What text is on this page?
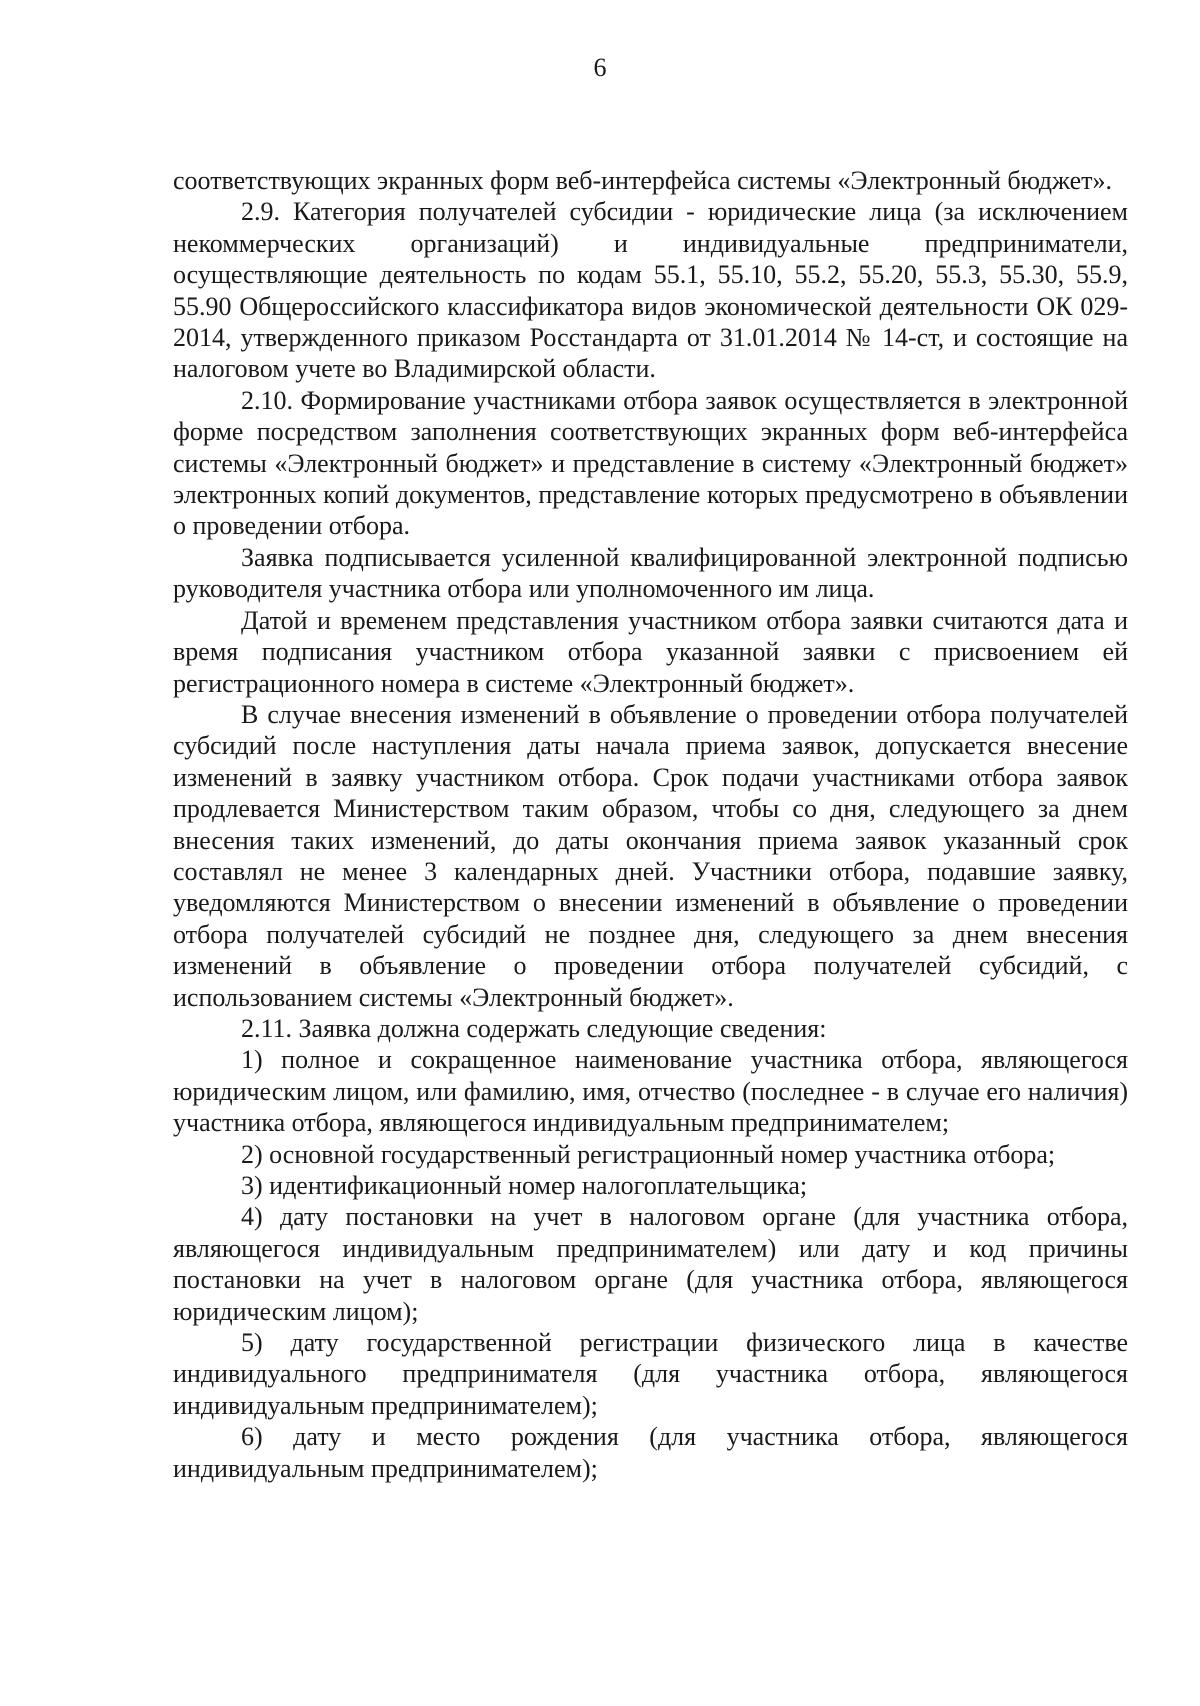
6

соответствующих экранных форм веб-интерфейса системы «Электронный бюджет».

2.9. Категория получателей субсидии - юридические лица (за исключением некоммерческих организаций) и индивидуальные предприниматели, осуществляющие деятельность по кодам 55.1, 55.10, 55.2, 55.20, 55.3, 55.30, 55.9, 55.90 Общероссийского классификатора видов экономической деятельности ОК 029-2014, утвержденного приказом Росстандарта от 31.01.2014 № 14-ст, и состоящие на налоговом учете во Владимирской области.

2.10. Формирование участниками отбора заявок осуществляется в электронной форме посредством заполнения соответствующих экранных форм веб-интерфейса системы «Электронный бюджет» и представление в систему «Электронный бюджет» электронных копий документов, представление которых предусмотрено в объявлении о проведении отбора.

Заявка подписывается усиленной квалифицированной электронной подписью руководителя участника отбора или уполномоченного им лица.

Датой и временем представления участником отбора заявки считаются дата и время подписания участником отбора указанной заявки с присвоением ей регистрационного номера в системе «Электронный бюджет».

В случае внесения изменений в объявление о проведении отбора получателей субсидий после наступления даты начала приема заявок, допускается внесение изменений в заявку участником отбора. Срок подачи участниками отбора заявок продлевается Министерством таким образом, чтобы со дня, следующего за днем внесения таких изменений, до даты окончания приема заявок указанный срок составлял не менее 3 календарных дней. Участники отбора, подавшие заявку, уведомляются Министерством о внесении изменений в объявление о проведении отбора получателей субсидий не позднее дня, следующего за днем внесения изменений в объявление о проведении отбора получателей субсидий, с использованием системы «Электронный бюджет».

2.11. Заявка должна содержать следующие сведения:

1) полное и сокращенное наименование участника отбора, являющегося юридическим лицом, или фамилию, имя, отчество (последнее - в случае его наличия) участника отбора, являющегося индивидуальным предпринимателем;

2) основной государственный регистрационный номер участника отбора;

3) идентификационный номер налогоплательщика;

4) дату постановки на учет в налоговом органе (для участника отбора, являющегося индивидуальным предпринимателем) или дату и код причины постановки на учет в налоговом органе (для участника отбора, являющегося юридическим лицом);

5) дату государственной регистрации физического лица в качестве индивидуального предпринимателя (для участника отбора, являющегося индивидуальным предпринимателем);

6) дату и место рождения (для участника отбора, являющегося индивидуальным предпринимателем);
